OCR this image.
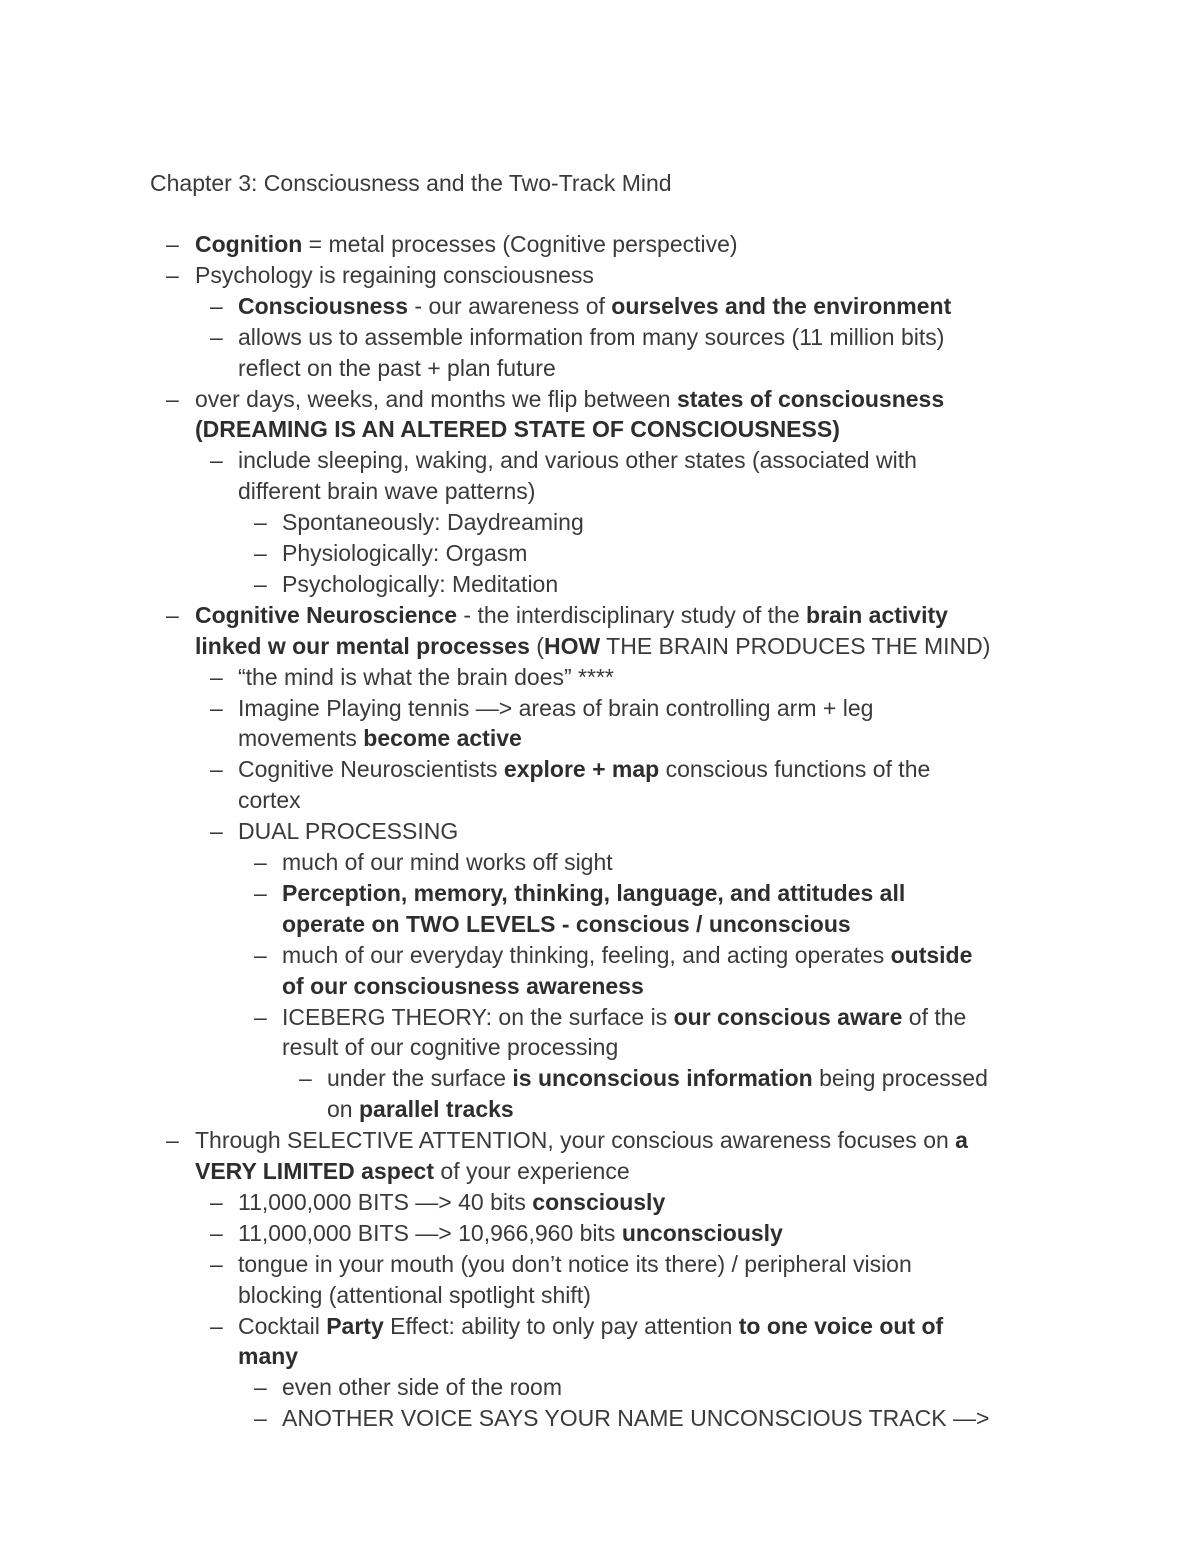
Chapter 3: Consciousness and the Two-Track Mind
– Cognition = metal processes (Cognitive perspective)
– Psychology is regaining consciousness
– Consciousness - our awareness of ourselves and the environment
– allows us to assemble information from many sources (11 million bits)
reflect on the past + plan future
– over days, weeks, and months we flip between states of consciousness
(DREAMING IS AN ALTERED STATE OF CONSCIOUSNESS)
– include sleeping, waking, and various other states (associated with
different brain wave patterns)
– Spontaneously: Daydreaming
– Physiologically: Orgasm
– Psychologically: Meditation
– Cognitive Neuroscience - the interdisciplinary study of the brain activity
linked w our mental processes (HOW THE BRAIN PRODUCES THE MIND)
– “the mind is what the brain does” ****
– Imagine Playing tennis —> areas of brain controlling arm + leg
movements become active
– Cognitive Neuroscientists explore + map conscious functions of the
cortex
– DUAL PROCESSING
– much of our mind works off sight
– Perception, memory, thinking, language, and attitudes all
operate on TWO LEVELS - conscious / unconscious
– much of our everyday thinking, feeling, and acting operates outside
of our consciousness awareness
– ICEBERG THEORY: on the surface is our conscious aware of the
result of our cognitive processing
– under the surface is unconscious information being processed
on parallel tracks
– Through SELECTIVE ATTENTION, your conscious awareness focuses on a
VERY LIMITED aspect of your experience
– 11,000,000 BITS —> 40 bits consciously
– 11,000,000 BITS —> 10,966,960 bits unconsciously
– tongue in your mouth (you don’t notice its there) / peripheral vision
blocking (attentional spotlight shift)
– Cocktail Party Effect: ability to only pay attention to one voice out of
many
– even other side of the room
– ANOTHER VOICE SAYS YOUR NAME UNCONSCIOUS TRACK —>
